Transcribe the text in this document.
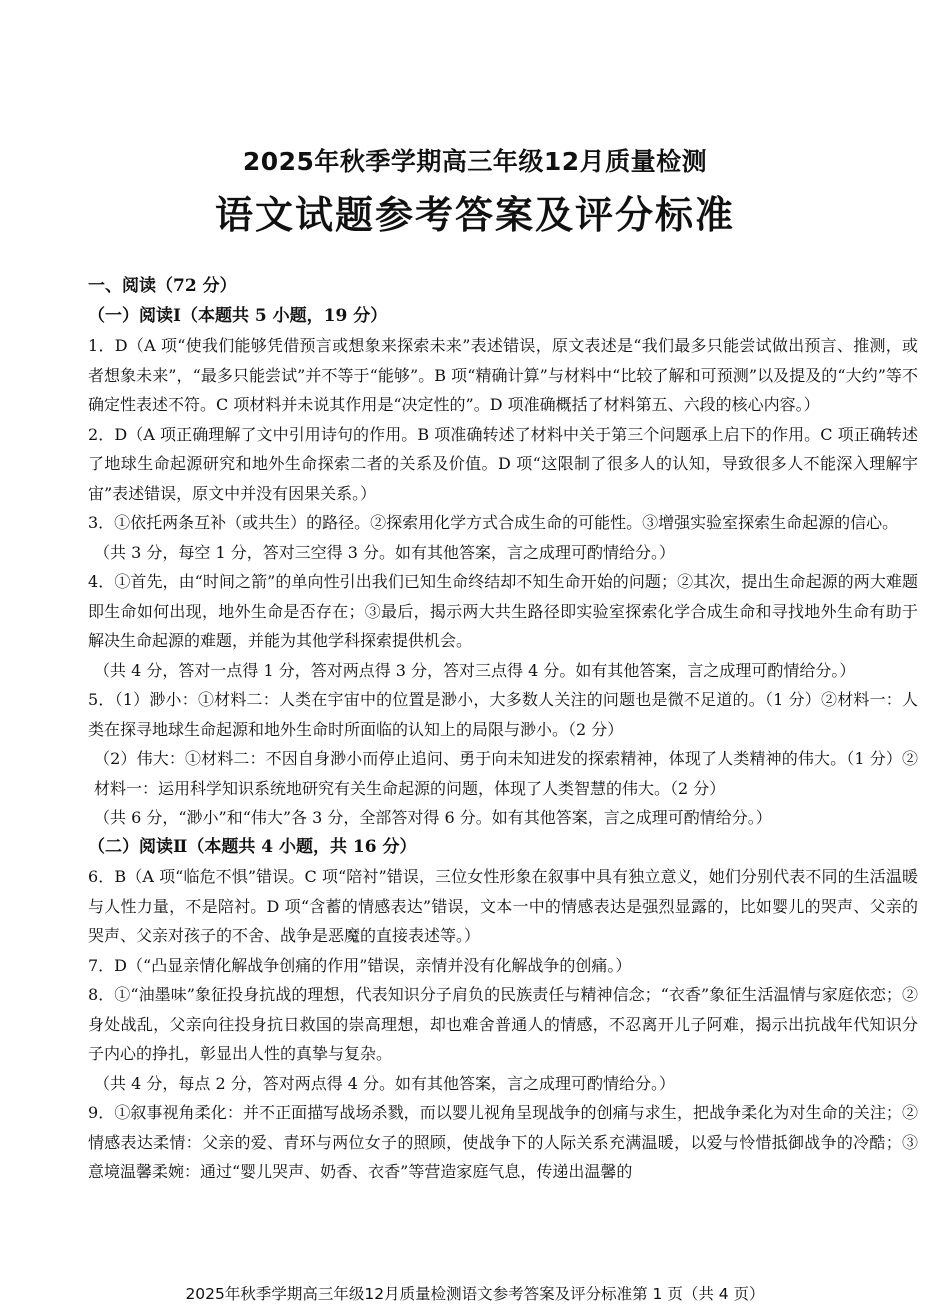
2025年秋季学期高三年级12月质量检测
语文试题参考答案及评分标准

一、阅读（72 分）

（一）阅读Ⅰ（本题共 5 小题，19 分）

1．D（A 项“使我们能够凭借预言或想象来探索未来”表述错误，原文表述是“我们最多只能尝试做出预言、推测，或者想象未来”，“最多只能尝试”并不等于“能够”。B 项“精确计算”与材料中“比较了解和可预测”以及提及的“大约”等不确定性表述不符。C 项材料并未说其作用是“决定性的”。D 项准确概括了材料第五、六段的核心内容。）

2．D（A 项正确理解了文中引用诗句的作用。B 项准确转述了材料中关于第三个问题承上启下的作用。C 项正确转述了地球生命起源研究和地外生命探索二者的关系及价值。D 项“这限制了很多人的认知，导致很多人不能深入理解宇宙”表述错误，原文中并没有因果关系。）

3．①依托两条互补（或共生）的路径。②探索用化学方式合成生命的可能性。③增强实验室探索生命起源的信心。

（共 3 分，每空 1 分，答对三空得 3 分。如有其他答案，言之成理可酌情给分。）

4．①首先，由“时间之箭”的单向性引出我们已知生命终结却不知生命开始的问题；②其次，提出生命起源的两大难题即生命如何出现，地外生命是否存在；③最后，揭示两大共生路径即实验室探索化学合成生命和寻找地外生命有助于解决生命起源的难题，并能为其他学科探索提供机会。

（共 4 分，答对一点得 1 分，答对两点得 3 分，答对三点得 4 分。如有其他答案，言之成理可酌情给分。）

5．（1）渺小：①材料二：人类在宇宙中的位置是渺小，大多数人关注的问题也是微不足道的。（1 分）②材料一：人类在探寻地球生命起源和地外生命时所面临的认知上的局限与渺小。（2 分）

（2）伟大：①材料二：不因自身渺小而停止追问、勇于向未知进发的探索精神，体现了人类精神的伟大。（1 分）②材料一：运用科学知识系统地研究有关生命起源的问题，体现了人类智慧的伟大。（2 分）

（共 6 分，“渺小”和“伟大”各 3 分，全部答对得 6 分。如有其他答案，言之成理可酌情给分。）

（二）阅读Ⅱ（本题共 4 小题，共 16 分）

6．B（A 项“临危不惧”错误。C 项“陪衬”错误，三位女性形象在叙事中具有独立意义，她们分别代表不同的生活温暖与人性力量，不是陪衬。D 项“含蓄的情感表达”错误，文本一中的情感表达是强烈显露的，比如婴儿的哭声、父亲的哭声、父亲对孩子的不舍、战争是恶魔的直接表述等。）

7．D（“凸显亲情化解战争创痛的作用”错误，亲情并没有化解战争的创痛。）

8．①“油墨味”象征投身抗战的理想，代表知识分子肩负的民族责任与精神信念；“衣香”象征生活温情与家庭依恋；②身处战乱，父亲向往投身抗日救国的崇高理想，却也难舍普通人的情感，不忍离开儿子阿难，揭示出抗战年代知识分子内心的挣扎，彰显出人性的真挚与复杂。

（共 4 分，每点 2 分，答对两点得 4 分。如有其他答案，言之成理可酌情给分。）

9．①叙事视角柔化：并不正面描写战场杀戮，而以婴儿视角呈现战争的创痛与求生，把战争柔化为对生命的关注；②情感表达柔情：父亲的爱、青环与两位女子的照顾，使战争下的人际关系充满温暖，以爱与怜惜抵御战争的冷酷；③意境温馨柔婉：通过“婴儿哭声、奶香、衣香”等营造家庭气息，传递出温馨的

2025年秋季学期高三年级12月质量检测语文参考答案及评分标准第 1 页（共 4 页）
